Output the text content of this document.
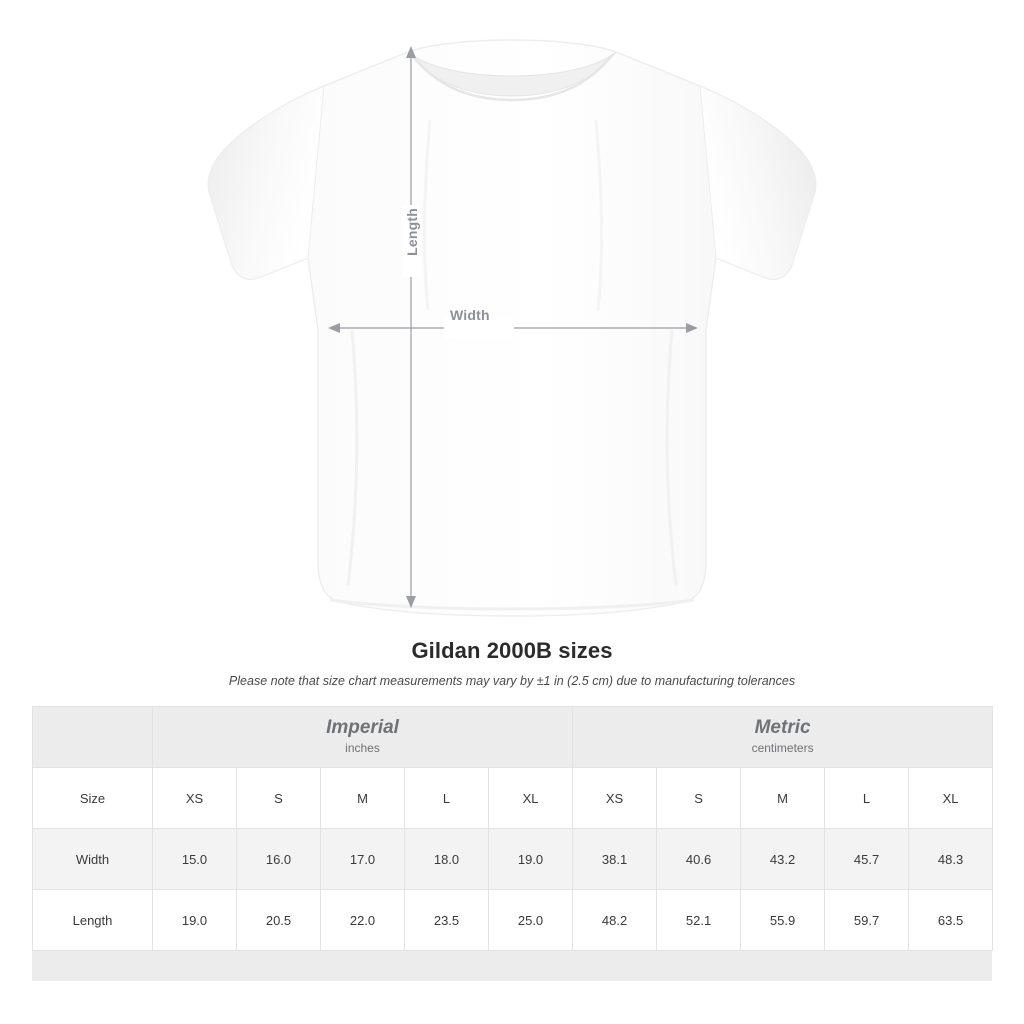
Length
Width
Gildan 2000B sizes
Please note that size chart measurements may vary by ±1 in (2.5 cm) due to manufacturing tolerances

Imperial
inches

Metric
centimeters

Size	XS	S	M	L	XL	XS	S	M	L	XL
Width	15.0	16.0	17.0	18.0	19.0	38.1	40.6	43.2	45.7	48.3
Length	19.0	20.5	22.0	23.5	25.0	48.2	52.1	55.9	59.7	63.5
